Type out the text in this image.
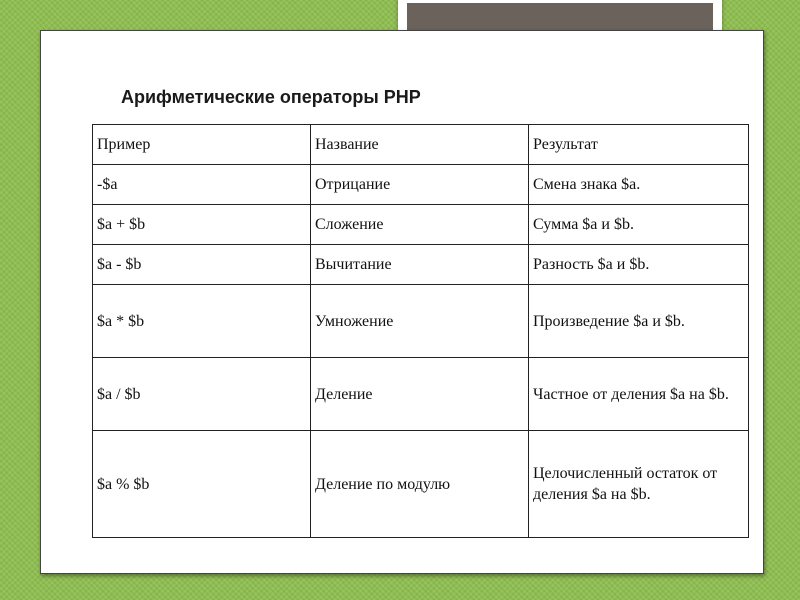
Арифметические операторы PHP
Пример	Название	Результат
-$a	Отрицание	Смена знака $a.
$a + $b	Сложение	Сумма $a и $b.
$a - $b	Вычитание	Разность $a и $b.
$a * $b	Умножение	Произведение $a и $b.
$a / $b	Деление	Частное от деления $a на $b.
$a % $b	Деление по модулю	Целочисленный остаток от деления $a на $b.
